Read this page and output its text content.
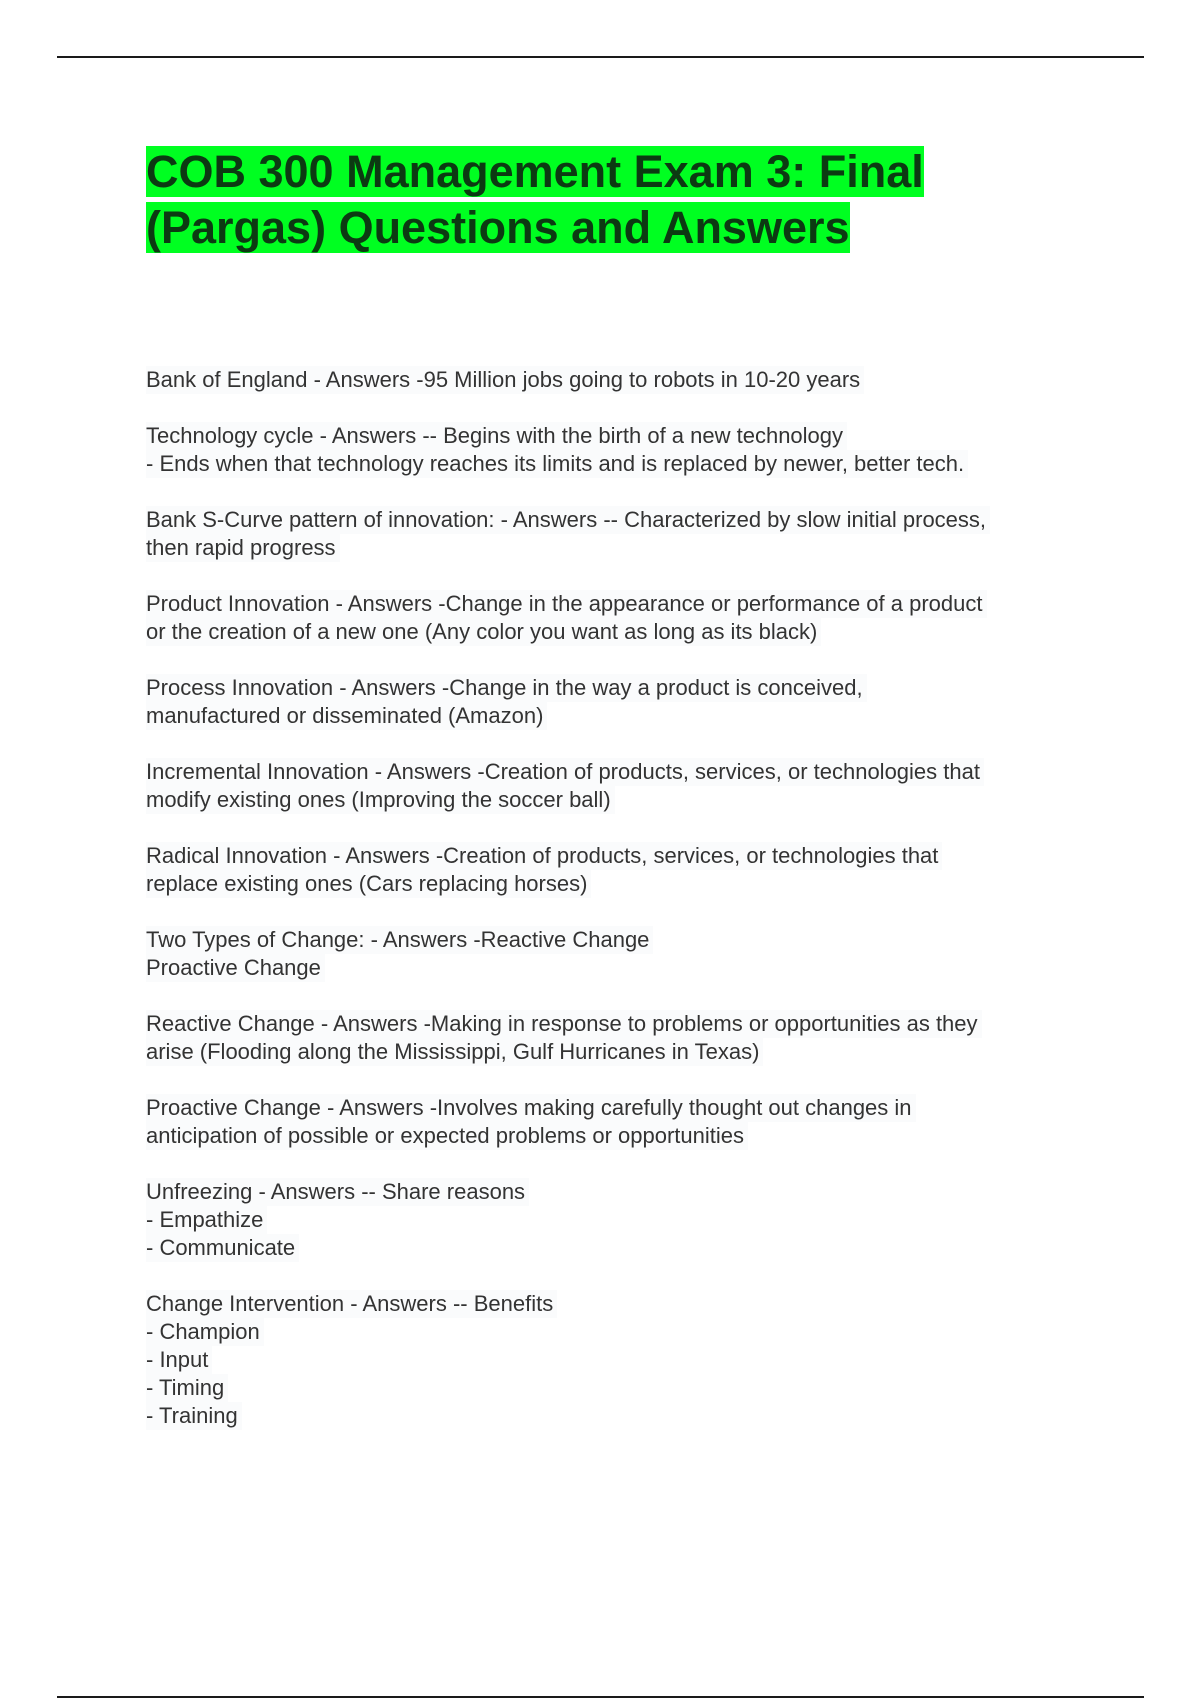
COB 300 Management Exam 3: Final (Pargas) Questions and Answers
Bank of England - Answers -95 Million jobs going to robots in 10-20 years
Technology cycle - Answers -- Begins with the birth of a new technology
- Ends when that technology reaches its limits and is replaced by newer, better tech.
Bank S-Curve pattern of innovation: - Answers -- Characterized by slow initial process,
then rapid progress
Product Innovation - Answers -Change in the appearance or performance of a product
or the creation of a new one (Any color you want as long as its black)
Process Innovation - Answers -Change in the way a product is conceived,
manufactured or disseminated (Amazon)
Incremental Innovation - Answers -Creation of products, services, or technologies that
modify existing ones (Improving the soccer ball)
Radical Innovation - Answers -Creation of products, services, or technologies that
replace existing ones (Cars replacing horses)
Two Types of Change: - Answers -Reactive Change
Proactive Change
Reactive Change - Answers -Making in response to problems or opportunities as they
arise (Flooding along the Mississippi, Gulf Hurricanes in Texas)
Proactive Change - Answers -Involves making carefully thought out changes in
anticipation of possible or expected problems or opportunities
Unfreezing - Answers -- Share reasons
- Empathize
- Communicate
Change Intervention - Answers -- Benefits
- Champion
- Input
- Timing
- Training
